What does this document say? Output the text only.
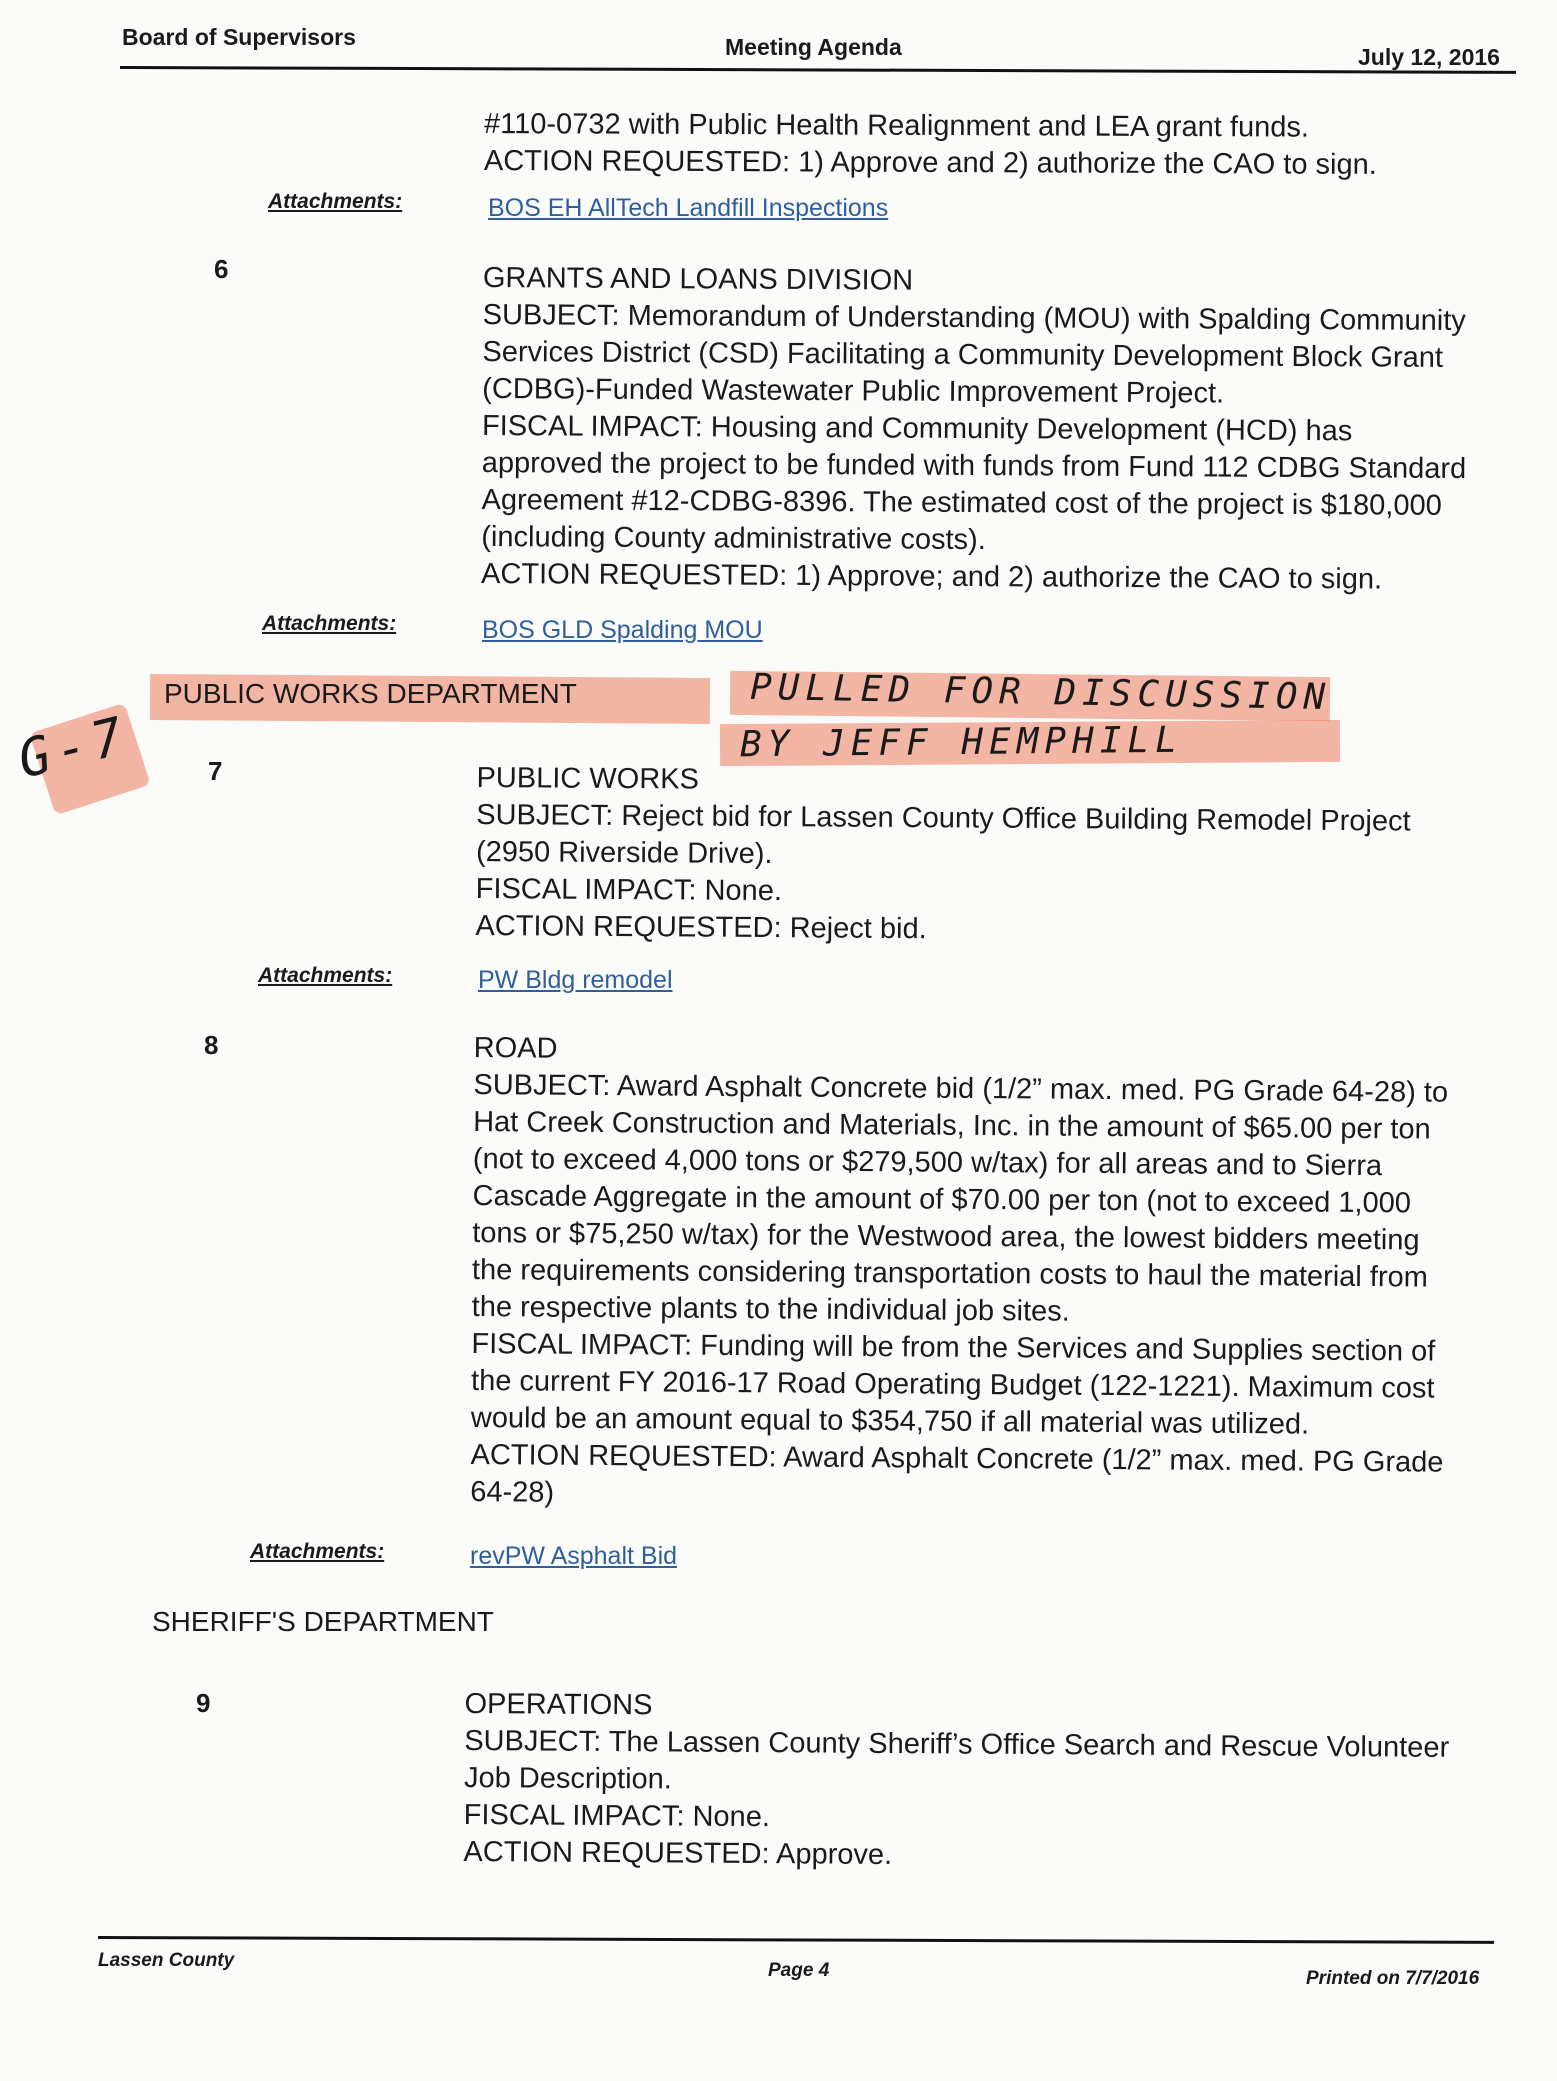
Board of Supervisors	Meeting Agenda	July 12, 2016
#110-0732 with Public Health Realignment and LEA grant funds.
ACTION REQUESTED: 1) Approve and 2) authorize the CAO to sign.
Attachments:	BOS EH AllTech Landfill Inspections
6	GRANTS AND LOANS DIVISION
SUBJECT: Memorandum of Understanding (MOU) with Spalding Community
Services District (CSD) Facilitating a Community Development Block Grant
(CDBG)-Funded Wastewater Public Improvement Project.
FISCAL IMPACT: Housing and Community Development (HCD) has
approved the project to be funded with funds from Fund 112 CDBG Standard
Agreement #12-CDBG-8396. The estimated cost of the project is $180,000
(including County administrative costs).
ACTION REQUESTED: 1) Approve; and 2) authorize the CAO to sign.
Attachments:	BOS GLD Spalding MOU
PUBLIC WORKS DEPARTMENT
G-7
PULLED FOR DISCUSSION
BY JEFF HEMPHILL
7	PUBLIC WORKS
SUBJECT: Reject bid for Lassen County Office Building Remodel Project
(2950 Riverside Drive).
FISCAL IMPACT: None.
ACTION REQUESTED: Reject bid.
Attachments:	PW Bldg remodel
8	ROAD
SUBJECT: Award Asphalt Concrete bid (1/2” max. med. PG Grade 64-28) to
Hat Creek Construction and Materials, Inc. in the amount of $65.00 per ton
(not to exceed 4,000 tons or $279,500 w/tax) for all areas and to Sierra
Cascade Aggregate in the amount of $70.00 per ton (not to exceed 1,000
tons or $75,250 w/tax) for the Westwood area, the lowest bidders meeting
the requirements considering transportation costs to haul the material from
the respective plants to the individual job sites.
FISCAL IMPACT: Funding will be from the Services and Supplies section of
the current FY 2016-17 Road Operating Budget (122-1221). Maximum cost
would be an amount equal to $354,750 if all material was utilized.
ACTION REQUESTED: Award Asphalt Concrete (1/2” max. med. PG Grade
64-28)
Attachments:	revPW Asphalt Bid
SHERIFF'S DEPARTMENT
9	OPERATIONS
SUBJECT: The Lassen County Sheriff’s Office Search and Rescue Volunteer
Job Description.
FISCAL IMPACT: None.
ACTION REQUESTED: Approve.
Lassen County	Page 4	Printed on 7/7/2016
